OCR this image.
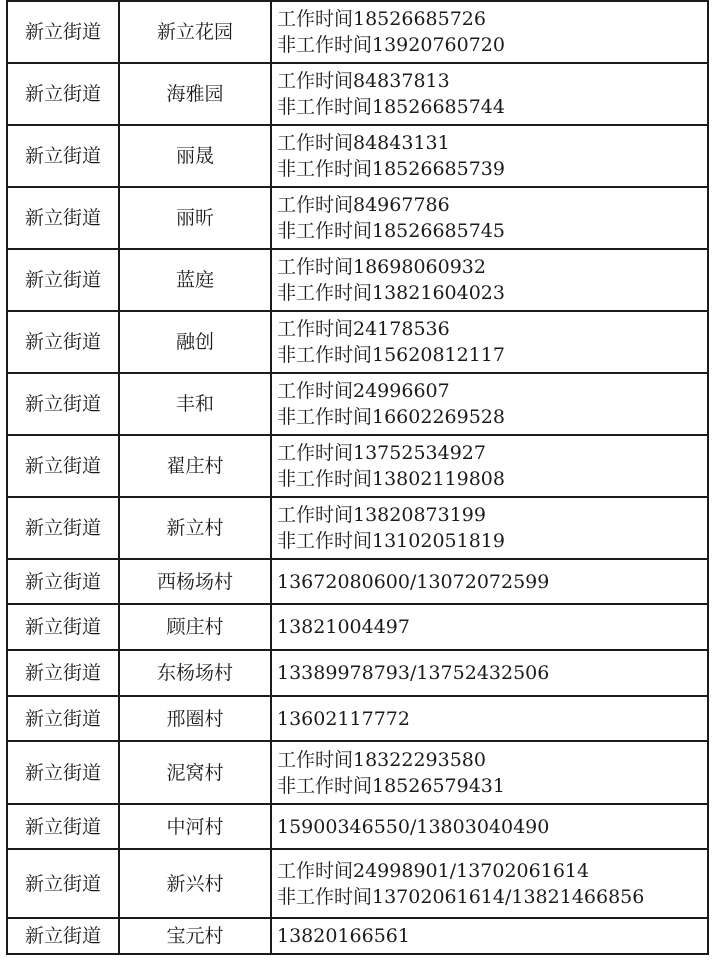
新立街道	新立花园	工作时间18526685726
非工作时间13920760720

新立街道	海雅园	工作时间84837813
非工作时间18526685744

新立街道	丽晟	工作时间84843131
非工作时间18526685739

新立街道	丽昕	工作时间84967786
非工作时间18526685745

新立街道	蓝庭	工作时间18698060932
非工作时间13821604023

新立街道	融创	工作时间24178536
非工作时间15620812117

新立街道	丰和	工作时间24996607
非工作时间16602269528

新立街道	翟庄村	工作时间13752534927
非工作时间13802119808

新立街道	新立村	工作时间13820873199
非工作时间13102051819

新立街道	西杨场村	13672080600/13072072599

新立街道	顾庄村	13821004497

新立街道	东杨场村	13389978793/13752432506

新立街道	邢圈村	13602117772

新立街道	泥窝村	工作时间18322293580
非工作时间18526579431

新立街道	中河村	15900346550/13803040490

新立街道	新兴村	工作时间24998901/13702061614
非工作时间13702061614/13821466856

新立街道	宝元村	13820166561
